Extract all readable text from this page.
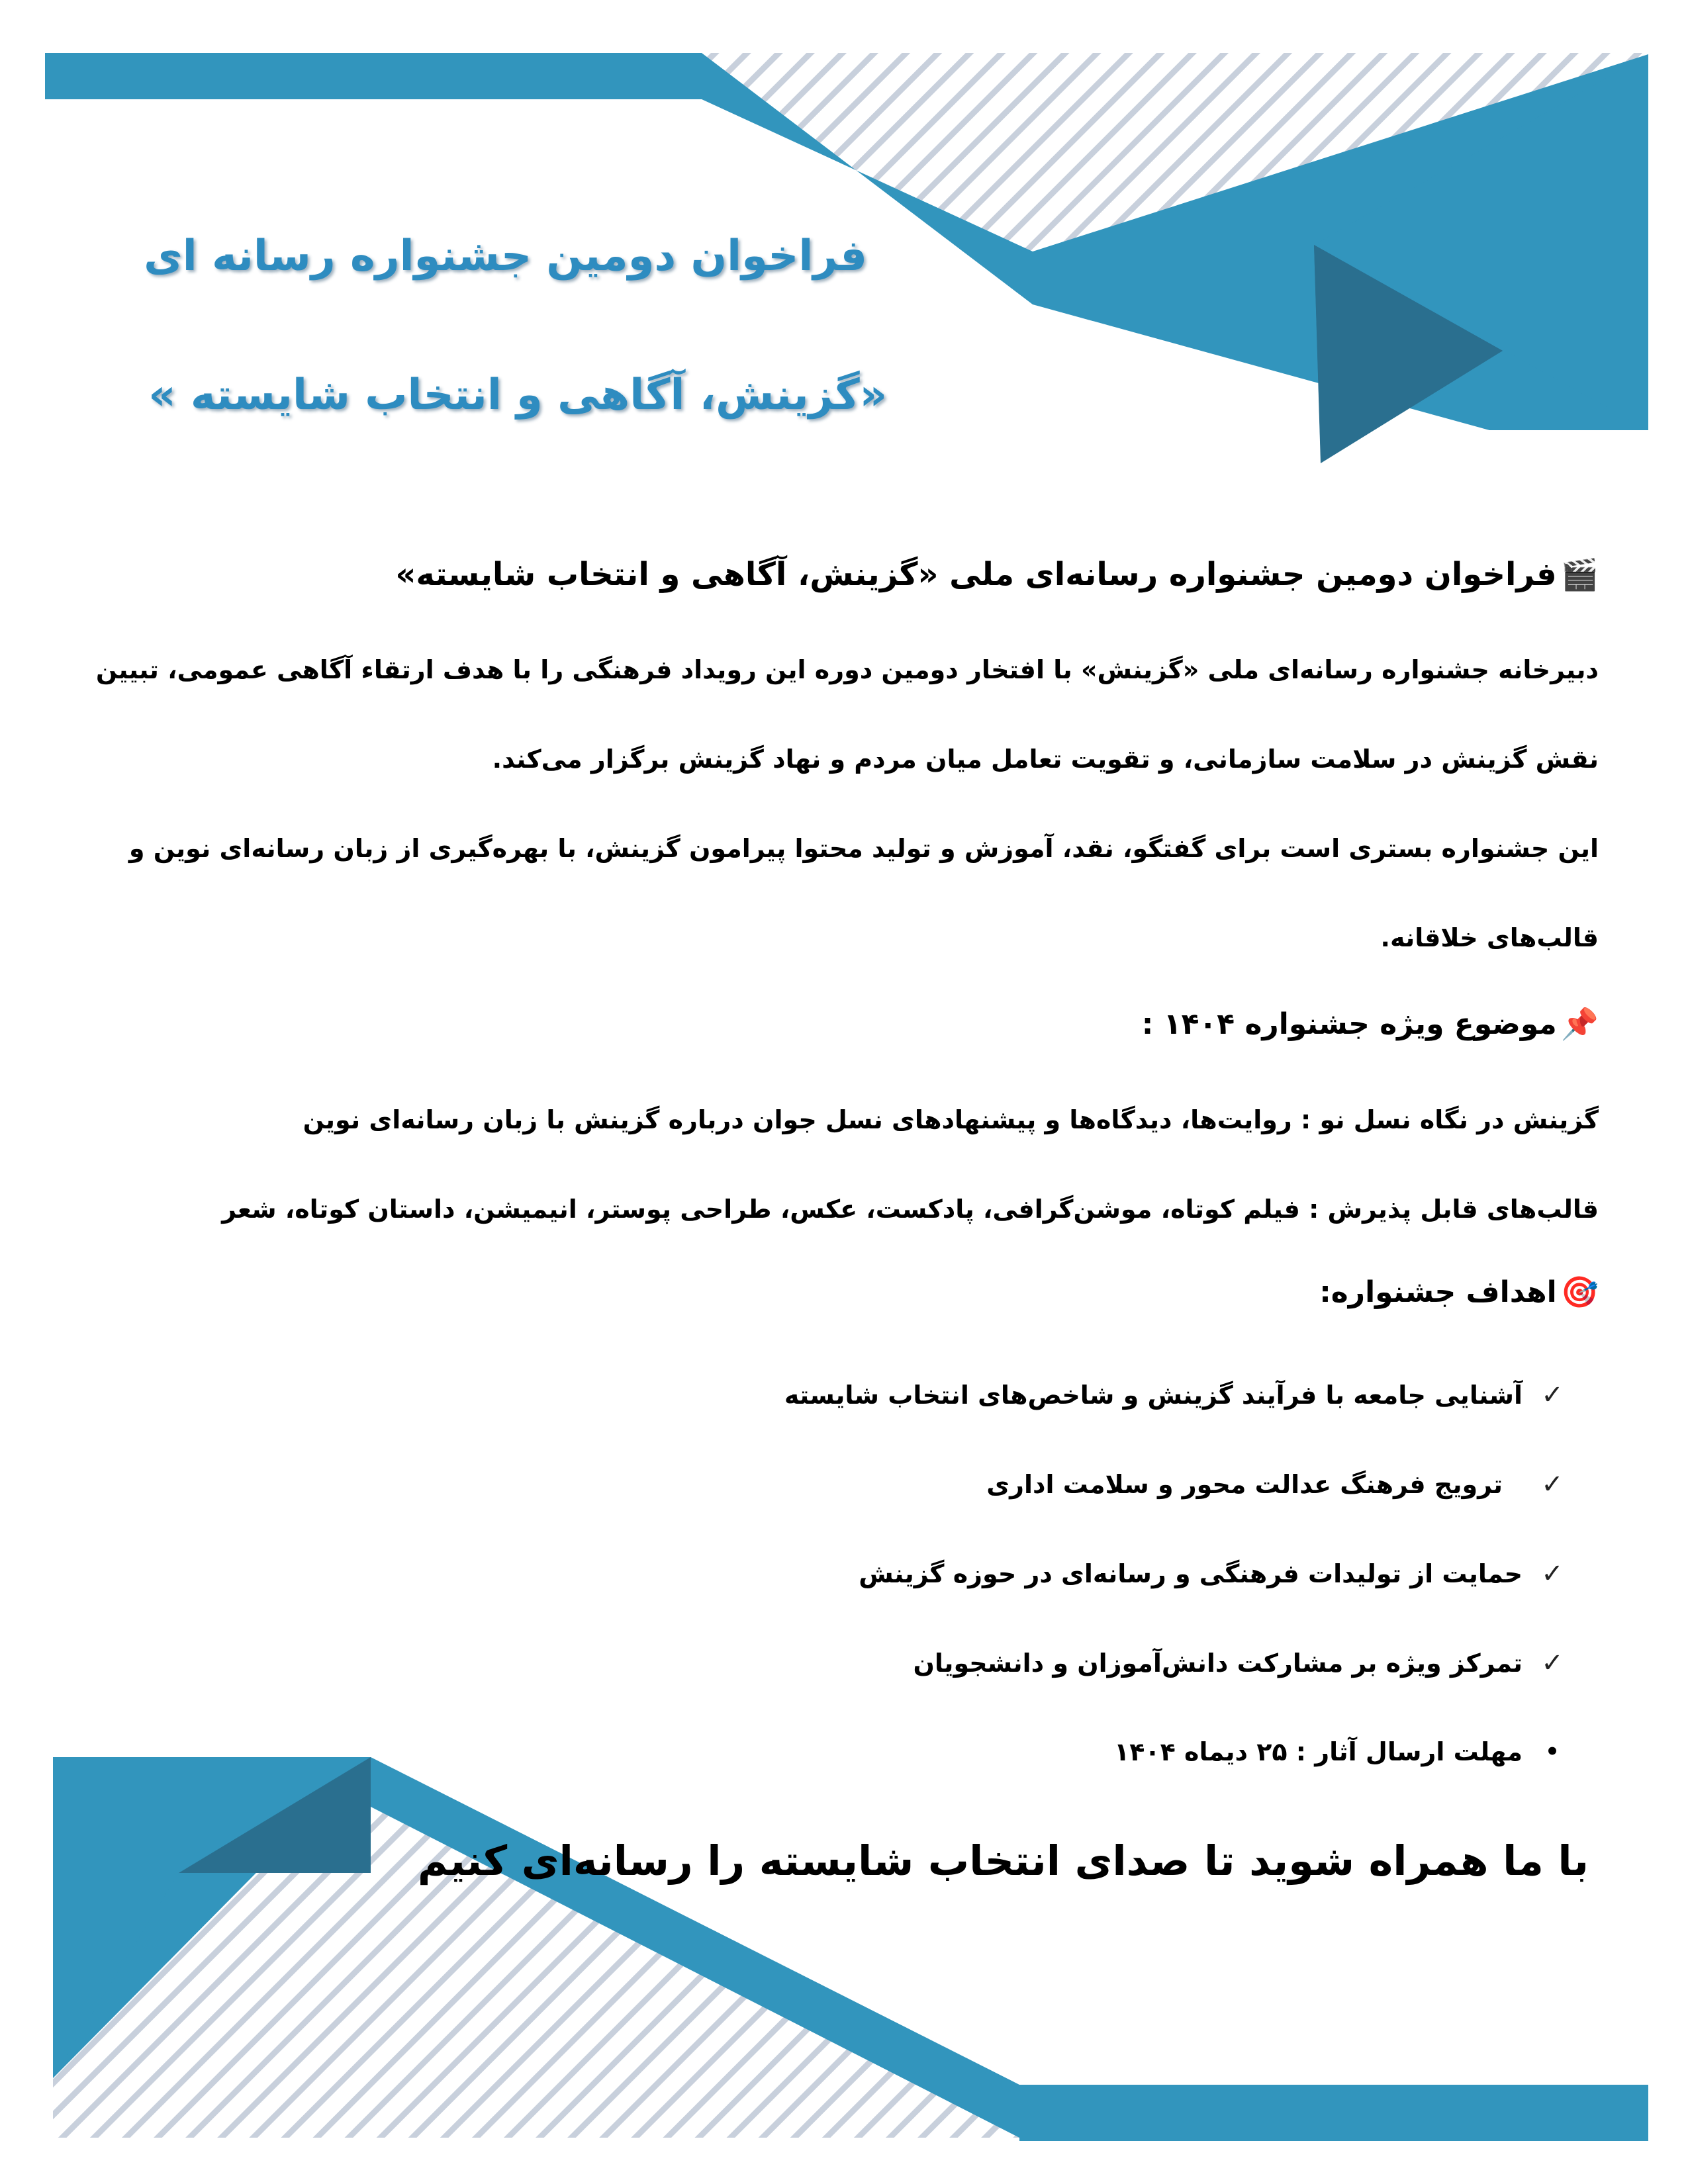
فراخوان دومین جشنواره رسانه ای
«گزینش، آگاهی و انتخاب شایسته »
🎬
فراخوان دومین جشنواره رسانه‌ای ملی «گزینش، آگاهی و انتخاب شایسته»
دبیرخانه جشنواره رسانه‌ای ملی «گزینش» با افتخار دومین دوره این رویداد فرهنگی را با هدف ارتقاء آگاهی عمومی، تبیین
نقش گزینش در سلامت سازمانی، و تقویت تعامل میان مردم و نهاد گزینش برگزار می‌کند.
این جشنواره بستری است برای گفتگو، نقد، آموزش و تولید محتوا پیرامون گزینش، با بهره‌گیری از زبان رسانه‌ای نوین و
قالب‌های خلاقانه.
📌
موضوع ویژه جشنواره ۱۴۰۴ :
گزینش در نگاه نسل نو : روایت‌ها، دیدگاه‌ها و پیشنهادهای نسل جوان درباره گزینش با زبان رسانه‌ای نوین
قالب‌های قابل پذیرش : فیلم کوتاه، موشن‌گرافی، پادکست، عکس، طراحی پوستر، انیمیشن، داستان کوتاه، شعر
🎯
اهداف جشنواره:
✓
آشنایی جامعه با فرآیند گزینش و شاخص‌های انتخاب شایسته
✓
ترویج فرهنگ عدالت محور و سلامت اداری
✓
حمایت از تولیدات فرهنگی و رسانه‌ای در حوزه گزینش
✓
تمرکز ویژه بر مشارکت دانش‌آموزان و دانشجویان
•
مهلت ارسال آثار : ۲۵ دیماه ۱۴۰۴
با ما همراه شوید تا صدای انتخاب شایسته را رسانه‌ای کنیم
